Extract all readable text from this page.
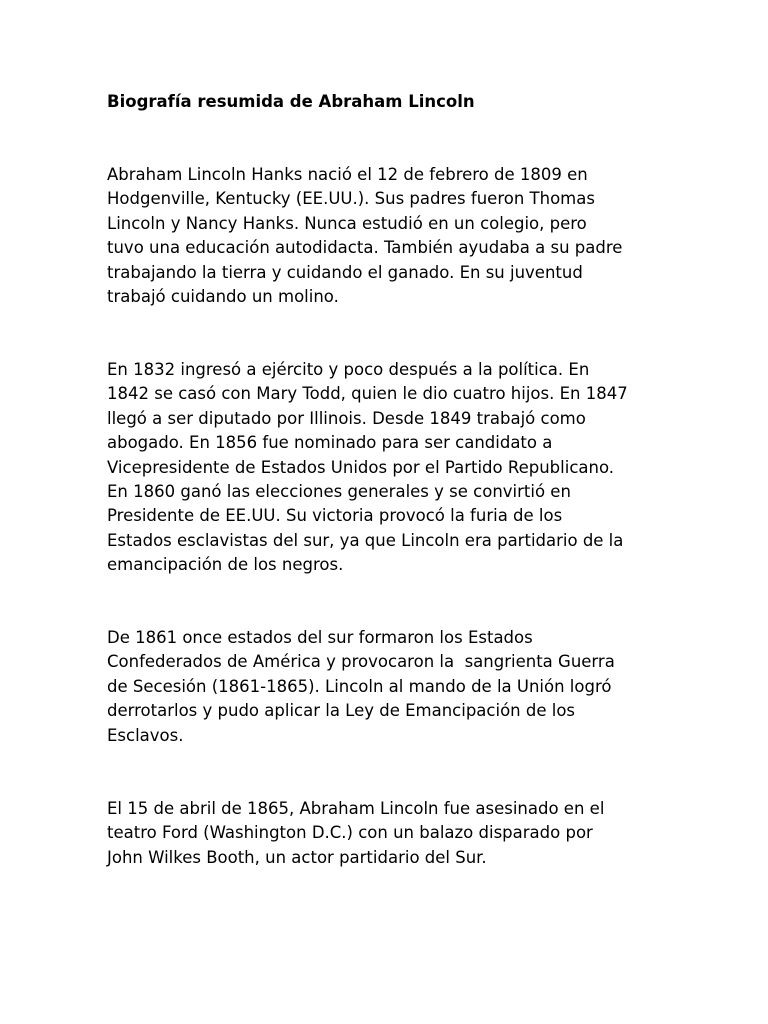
Biografía resumida de Abraham Lincoln

Abraham Lincoln Hanks nació el 12 de febrero de 1809 en
Hodgenville, Kentucky (EE.UU.). Sus padres fueron Thomas
Lincoln y Nancy Hanks. Nunca estudió en un colegio, pero
tuvo una educación autodidacta. También ayudaba a su padre
trabajando la tierra y cuidando el ganado. En su juventud
trabajó cuidando un molino.

En 1832 ingresó a ejército y poco después a la política. En
1842 se casó con Mary Todd, quien le dio cuatro hijos. En 1847
llegó a ser diputado por Illinois. Desde 1849 trabajó como
abogado. En 1856 fue nominado para ser candidato a
Vicepresidente de Estados Unidos por el Partido Republicano.
En 1860 ganó las elecciones generales y se convirtió en
Presidente de EE.UU. Su victoria provocó la furia de los
Estados esclavistas del sur, ya que Lincoln era partidario de la
emancipación de los negros.

De 1861 once estados del sur formaron los Estados
Confederados de América y provocaron la  sangrienta Guerra
de Secesión (1861-1865). Lincoln al mando de la Unión logró
derrotarlos y pudo aplicar la Ley de Emancipación de los
Esclavos.

El 15 de abril de 1865, Abraham Lincoln fue asesinado en el
teatro Ford (Washington D.C.) con un balazo disparado por
John Wilkes Booth, un actor partidario del Sur.
